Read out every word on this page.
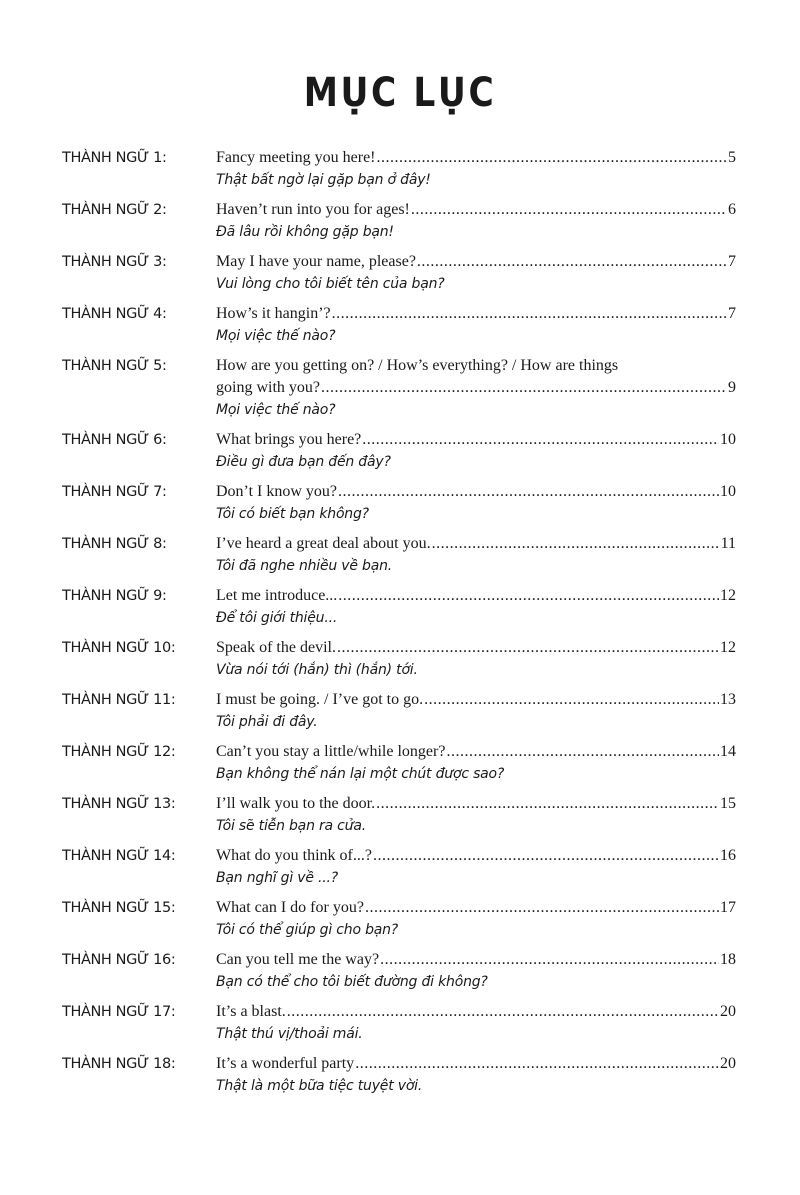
MỤC LỤC
THÀNH NGỮ 1:	Fancy meeting you here! .....	5
Thật bất ngờ lại gặp bạn ở đây!
THÀNH NGỮ 2:	Haven’t run into you for ages! .....	6
Đã lâu rồi không gặp bạn!
THÀNH NGỮ 3:	May I have your name, please? .....	7
Vui lòng cho tôi biết tên của bạn?
THÀNH NGỮ 4:	How’s it hangin’? .....	7
Mọi việc thế nào?
THÀNH NGỮ 5:	How are you getting on? / How’s everything? / How are things
going with you? .....	9
Mọi việc thế nào?
THÀNH NGỮ 6:	What brings you here? .....	10
Điều gì đưa bạn đến đây?
THÀNH NGỮ 7:	Don’t I know you? .....	10
Tôi có biết bạn không?
THÀNH NGỮ 8:	I’ve heard a great deal about you. .....	11
Tôi đã nghe nhiều về bạn.
THÀNH NGỮ 9:	Let me introduce... .....	12
Để tôi giới thiệu...
THÀNH NGỮ 10:	Speak of the devil. .....	12
Vừa nói tới (hắn) thì (hắn) tới.
THÀNH NGỮ 11:	I must be going. / I’ve got to go. .....	13
Tôi phải đi đây.
THÀNH NGỮ 12:	Can’t you stay a little/while longer? .....	14
Bạn không thể nán lại một chút được sao?
THÀNH NGỮ 13:	I’ll walk you to the door. .....	15
Tôi sẽ tiễn bạn ra cửa.
THÀNH NGỮ 14:	What do you think of...? .....	16
Bạn nghĩ gì về ...?
THÀNH NGỮ 15:	What can I do for you? .....	17
Tôi có thể giúp gì cho bạn?
THÀNH NGỮ 16:	Can you tell me the way? .....	18
Bạn có thể cho tôi biết đường đi không?
THÀNH NGỮ 17:	It’s a blast. .....	20
Thật thú vị/thoải mái.
THÀNH NGỮ 18:	It’s a wonderful party .....	20
Thật là một bữa tiệc tuyệt vời.
